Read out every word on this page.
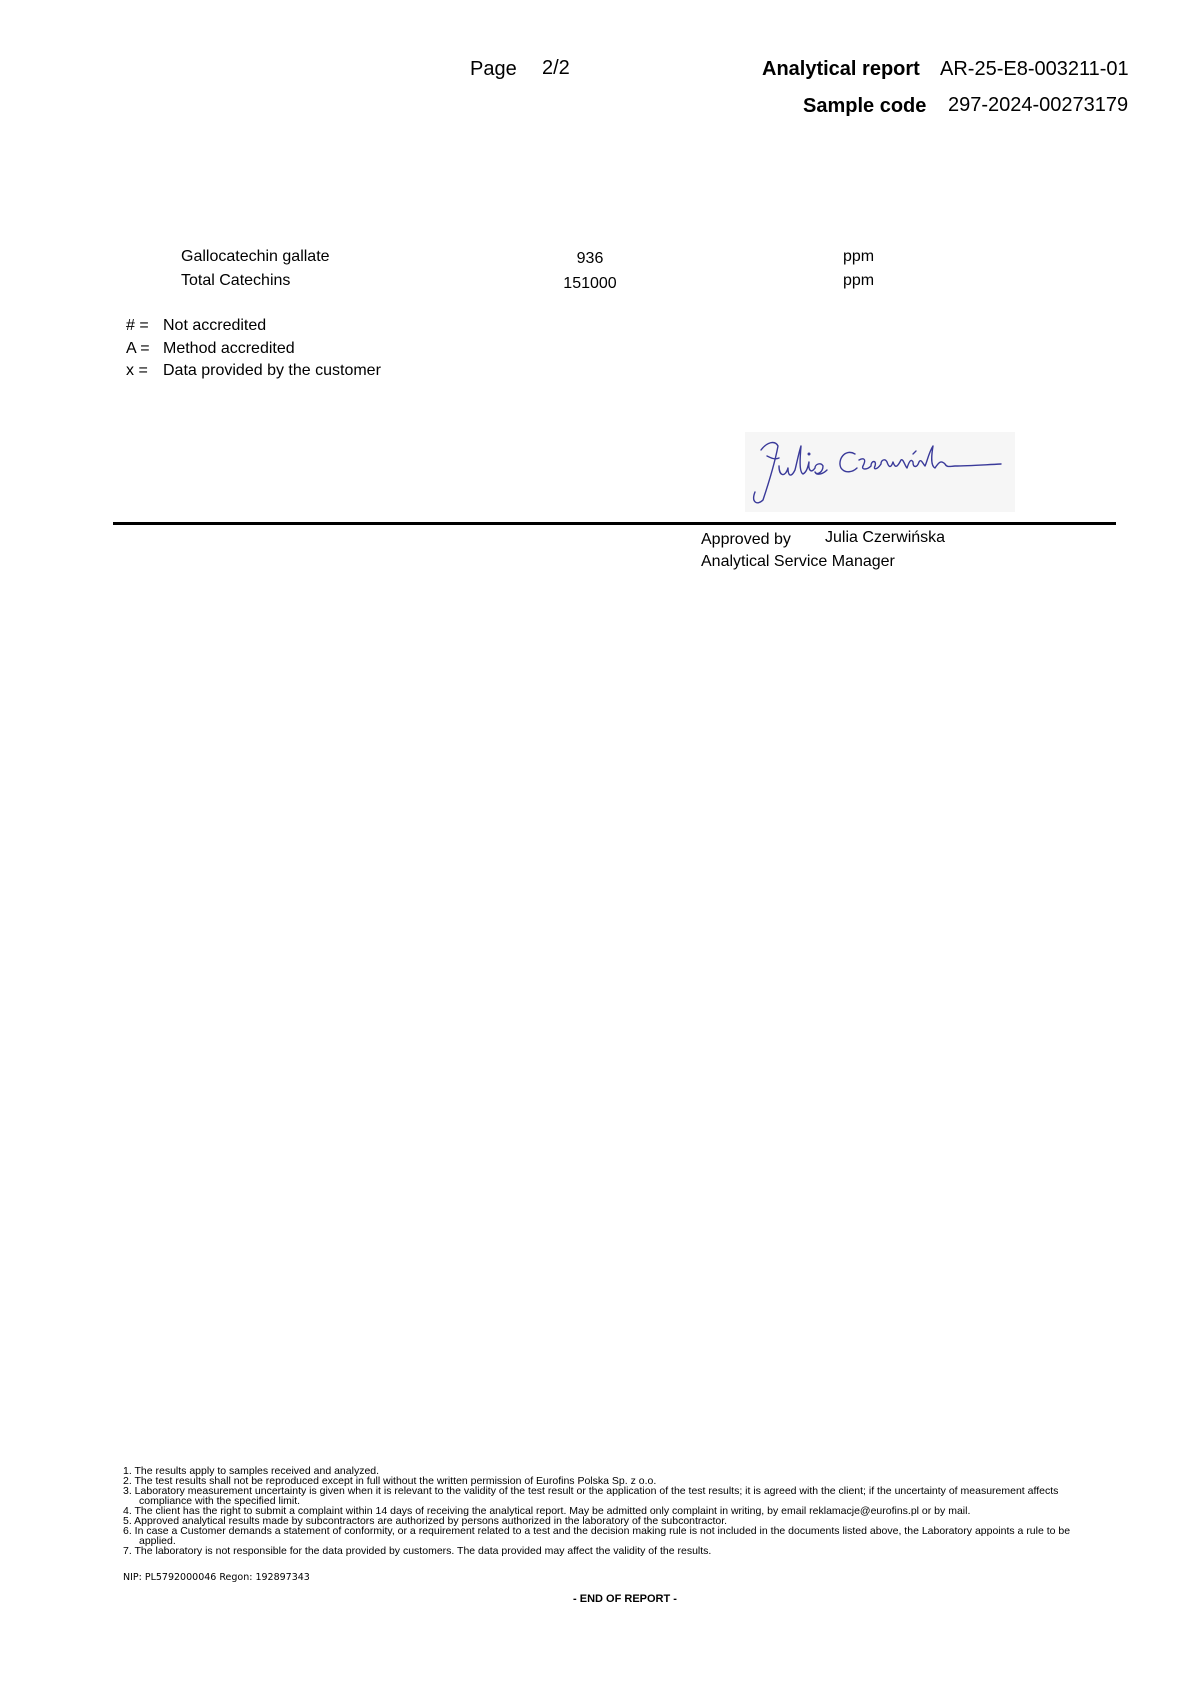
Page 2/2	Analytical report AR-25-E8-003211-01
Sample code 297-2024-00273179
Gallocatechin gallate	936	ppm
Total Catechins	151000	ppm
# = Not accredited
A = Method accredited
x = Data provided by the customer
Approved by Julia Czerwińska
Analytical Service Manager
1. The results apply to samples received and analyzed.
2. The test results shall not be reproduced except in full without the written permission of Eurofins Polska Sp. z o.o.
3. Laboratory measurement uncertainty is given when it is relevant to the validity of the test result or the application of the test results; it is agreed with the client; if the uncertainty of measurement affects
compliance with the specified limit.
4. The client has the right to submit a complaint within 14 days of receiving the analytical report. May be admitted only complaint in writing, by email reklamacje@eurofins.pl or by mail.
5. Approved analytical results made by subcontractors are authorized by persons authorized in the laboratory of the subcontractor.
6. In case a Customer demands a statement of conformity, or a requirement related to a test and the decision making rule is not included in the documents listed above, the Laboratory appoints a rule to be
applied.
7. The laboratory is not responsible for the data provided by customers. The data provided may affect the validity of the results.
NIP: PL5792000046 Regon: 192897343
- END OF REPORT -
